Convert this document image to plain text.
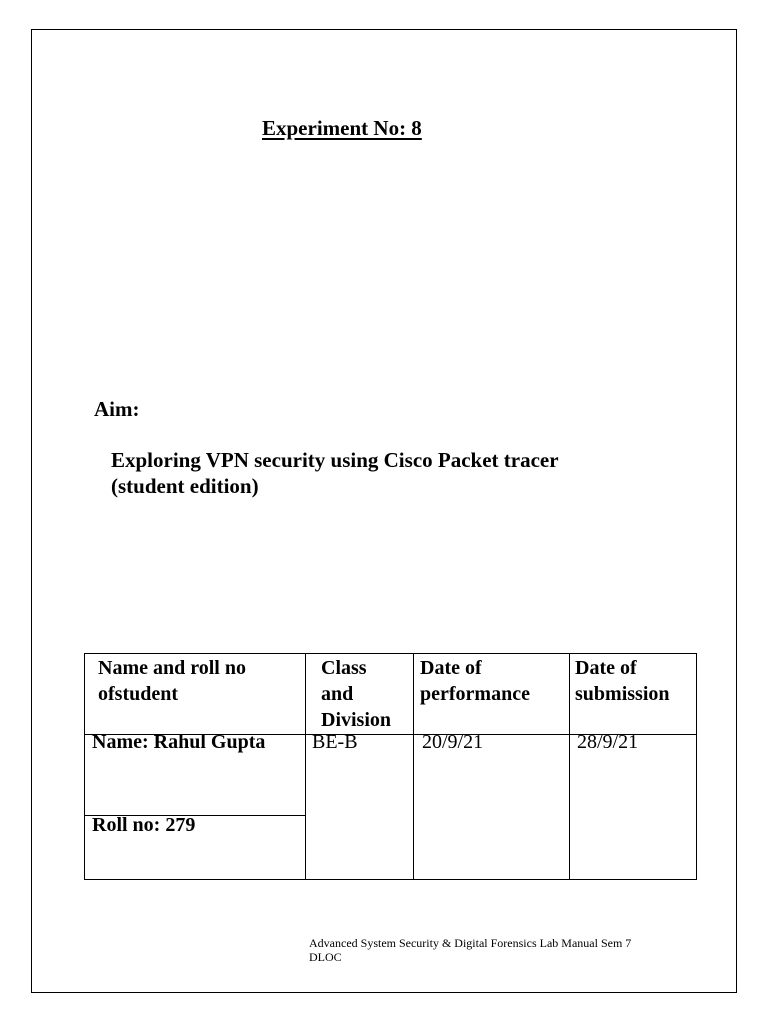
Experiment No: 8
Aim:
Exploring VPN security using Cisco Packet tracer
(student edition)
Name and roll no
ofstudent
Class
and
Division
Date of
performance
Date of
submission
Name: Rahul Gupta
Roll no: 279
BE-B	20/9/21	28/9/21
Advanced System Security & Digital Forensics Lab Manual Sem 7
DLOC
